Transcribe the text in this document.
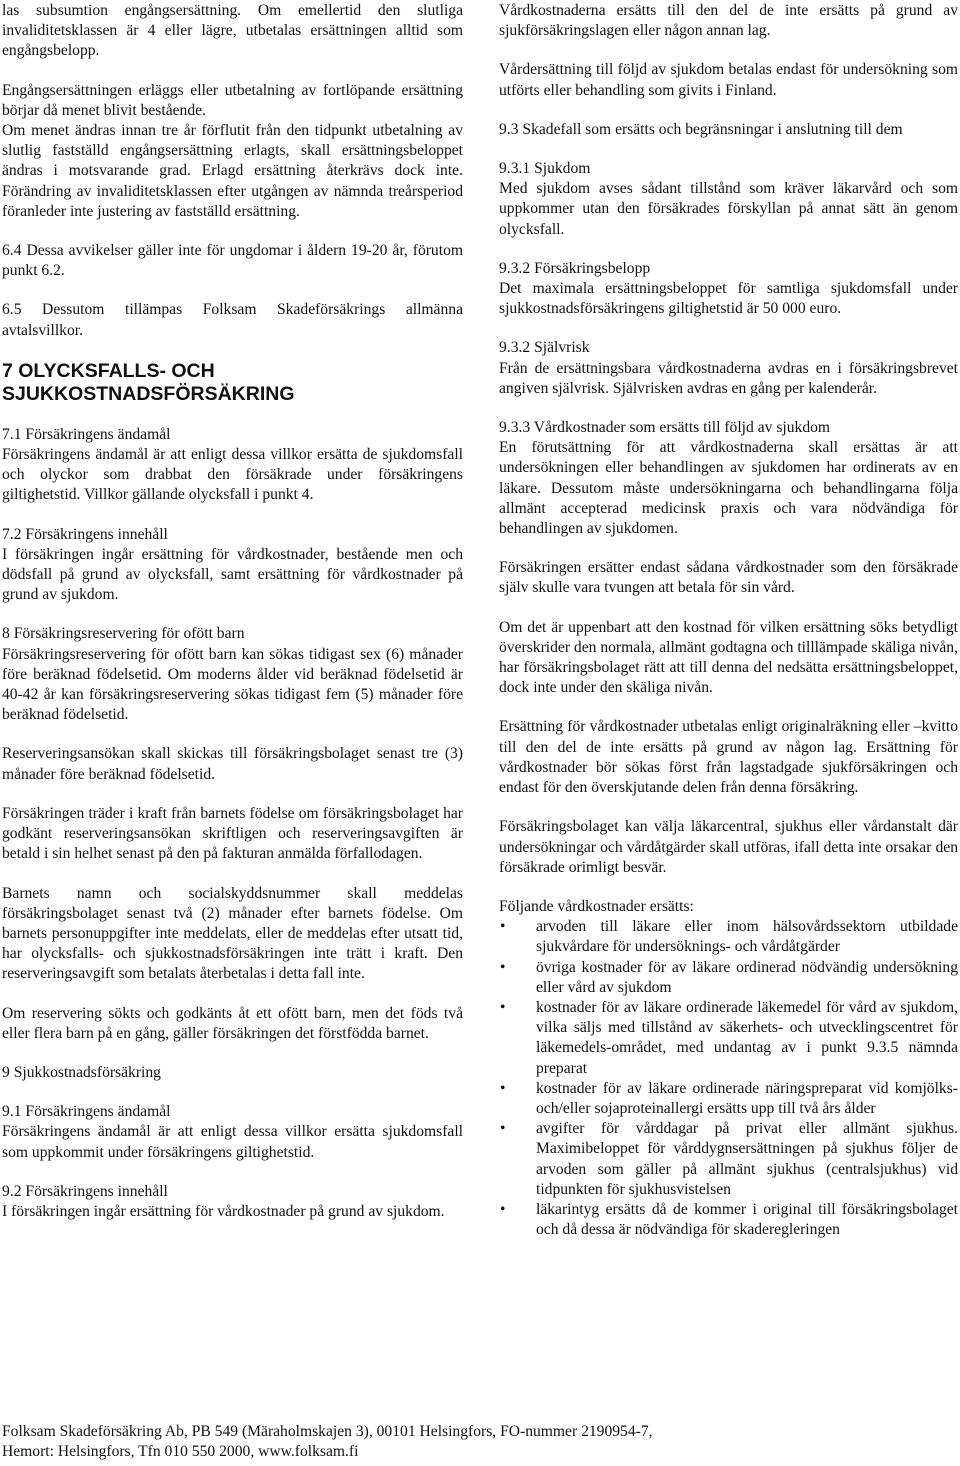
las subsumtion engångsersättning. Om emellertid den slutliga invaliditetsklassen är 4 eller lägre, utbetalas ersättningen alltid som engångsbelopp.

Engångsersättningen erläggs eller utbetalning av fortlöpande ersättning börjar då menet blivit bestående.

Om menet ändras innan tre år förflutit från den tidpunkt utbetalning av slutlig fastställd engångsersättning erlagts, skall ersättningsbeloppet ändras i motsvarande grad. Erlagd ersättning återkrävs dock inte. Förändring av invaliditetsklassen efter utgången av nämnda treårsperiod föranleder inte justering av fastställd ersättning.

6.4 Dessa avvikelser gäller inte för ungdomar i åldern 19-20 år, förutom punkt 6.2.

6.5 Dessutom tillämpas Folksam Skadeförsäkrings allmänna avtalsvillkor.

7 OLYCKSFALLS- OCH SJUKKOSTNADSFÖRSÄKRING
7.1 Försäkringens ändamål

Försäkringens ändamål är att enligt dessa villkor ersätta de sjukdomsfall och olyckor som drabbat den försäkrade under försäkringens giltighetstid. Villkor gällande olycksfall i punkt 4.

7.2 Försäkringens innehåll

I försäkringen ingår ersättning för vårdkostnader, bestående men och dödsfall på grund av olycksfall, samt ersättning för vårdkostnader på grund av sjukdom.

8 Försäkringsreservering för ofött barn

Försäkringsreservering för ofött barn kan sökas tidigast sex (6) månader före beräknad födelsetid. Om moderns ålder vid beräknad födelsetid är 40-42 år kan försäkringsreservering sökas tidigast fem (5) månader före beräknad födelsetid.

Reserveringsansökan skall skickas till försäkringsbolaget senast tre (3) månader före beräknad födelsetid.

Försäkringen träder i kraft från barnets födelse om försäkringsbolaget har godkänt reserveringsansökan skriftligen och reserveringsavgiften är betald i sin helhet senast på den på fakturan anmälda förfallodagen.

Barnets namn och socialskyddsnummer skall meddelas försäkringsbolaget senast två (2) månader efter barnets födelse. Om barnets personuppgifter inte meddelats, eller de meddelas efter utsatt tid, har olycksfalls- och sjukkostnadsförsäkringen inte trätt i kraft. Den reserveringsavgift som betalats återbetalas i detta fall inte.

Om reservering sökts och godkänts åt ett ofött barn, men det föds två eller flera barn på en gång, gäller försäkringen det förstfödda barnet.

9 Sjukkostnadsförsäkring

9.1 Försäkringens ändamål

Försäkringens ändamål är att enligt dessa villkor ersätta sjukdomsfall som uppkommit under försäkringens giltighetstid.

9.2 Försäkringens innehåll

I försäkringen ingår ersättning för vårdkostnader på grund av sjukdom.

Vårdkostnaderna ersätts till den del de inte ersätts på grund av sjukförsäkringslagen eller någon annan lag.

Vårdersättning till följd av sjukdom betalas endast för undersökning som utförts eller behandling som givits i Finland.

9.3 Skadefall som ersätts och begränsningar i anslutning till dem

9.3.1 Sjukdom

Med sjukdom avses sådant tillstånd som kräver läkarvård och som uppkommer utan den försäkrades förskyllan på annat sätt än genom olycksfall.

9.3.2 Försäkringsbelopp

Det maximala ersättningsbeloppet för samtliga sjukdomsfall under sjukkostnadsförsäkringens giltighetstid är 50 000 euro.

9.3.2 Självrisk

Från de ersättningsbara vårdkostnaderna avdras en i försäkringsbrevet angiven självrisk. Självrisken avdras en gång per kalenderår.

9.3.3 Vårdkostnader som ersätts till följd av sjukdom

En förutsättning för att vårdkostnaderna skall ersättas är att undersökningen eller behandlingen av sjukdomen har ordinerats av en läkare. Dessutom måste undersökningarna och behandlingarna följa allmänt accepterad medicinsk praxis och vara nödvändiga för behandlingen av sjukdomen.

Försäkringen ersätter endast sådana vårdkostnader som den försäkrade själv skulle vara tvungen att betala för sin vård.

Om det är uppenbart att den kostnad för vilken ersättning söks betydligt överskrider den normala, allmänt godtagna och tilllämpade skäliga nivån, har försäkringsbolaget rätt att till denna del nedsätta ersättningsbeloppet, dock inte under den skäliga nivån.

Ersättning för vårdkostnader utbetalas enligt originalräkning eller –kvitto till den del de inte ersätts på grund av någon lag. Ersättning för vårdkostnader bör sökas först från lagstadgade sjukförsäkringen och endast för den överskjutande delen från denna försäkring.

Försäkringsbolaget kan välja läkarcentral, sjukhus eller vårdanstalt där undersökningar och vårdåtgärder skall utföras, ifall detta inte orsakar den försäkrade orimligt besvär.

Följande vårdkostnader ersätts:
• arvoden till läkare eller inom hälsovårdssektorn utbildade sjukvårdare för undersöknings- och vårdåtgärder
• övriga kostnader för av läkare ordinerad nödvändig undersökning eller vård av sjukdom
• kostnader för av läkare ordinerade läkemedel för vård av sjukdom, vilka säljs med tillstånd av säkerhets- och utvecklingscentret för läkemedels-området, med undantag av i punkt 9.3.5 nämnda preparat
• kostnader för av läkare ordinerade näringspreparat vid komjölks- och/eller sojaproteinallergi ersätts upp till två års ålder
• avgifter för vårddagar på privat eller allmänt sjukhus. Maximibeloppet för vårddygnsersättningen på sjukhus följer de arvoden som gäller på allmänt sjukhus (centralsjukhus) vid tidpunkten för sjukhusvistelsen
• läkarintyg ersätts då de kommer i original till försäkringsbolaget och då dessa är nödvändiga för skaderegleringen
Folksam Skadeförsäkring Ab, PB 549 (Märaholmskajen 3), 00101 Helsingfors, FO-nummer 2190954-7,
Hemort: Helsingfors, Tfn 010 550 2000, www.folksam.fi
